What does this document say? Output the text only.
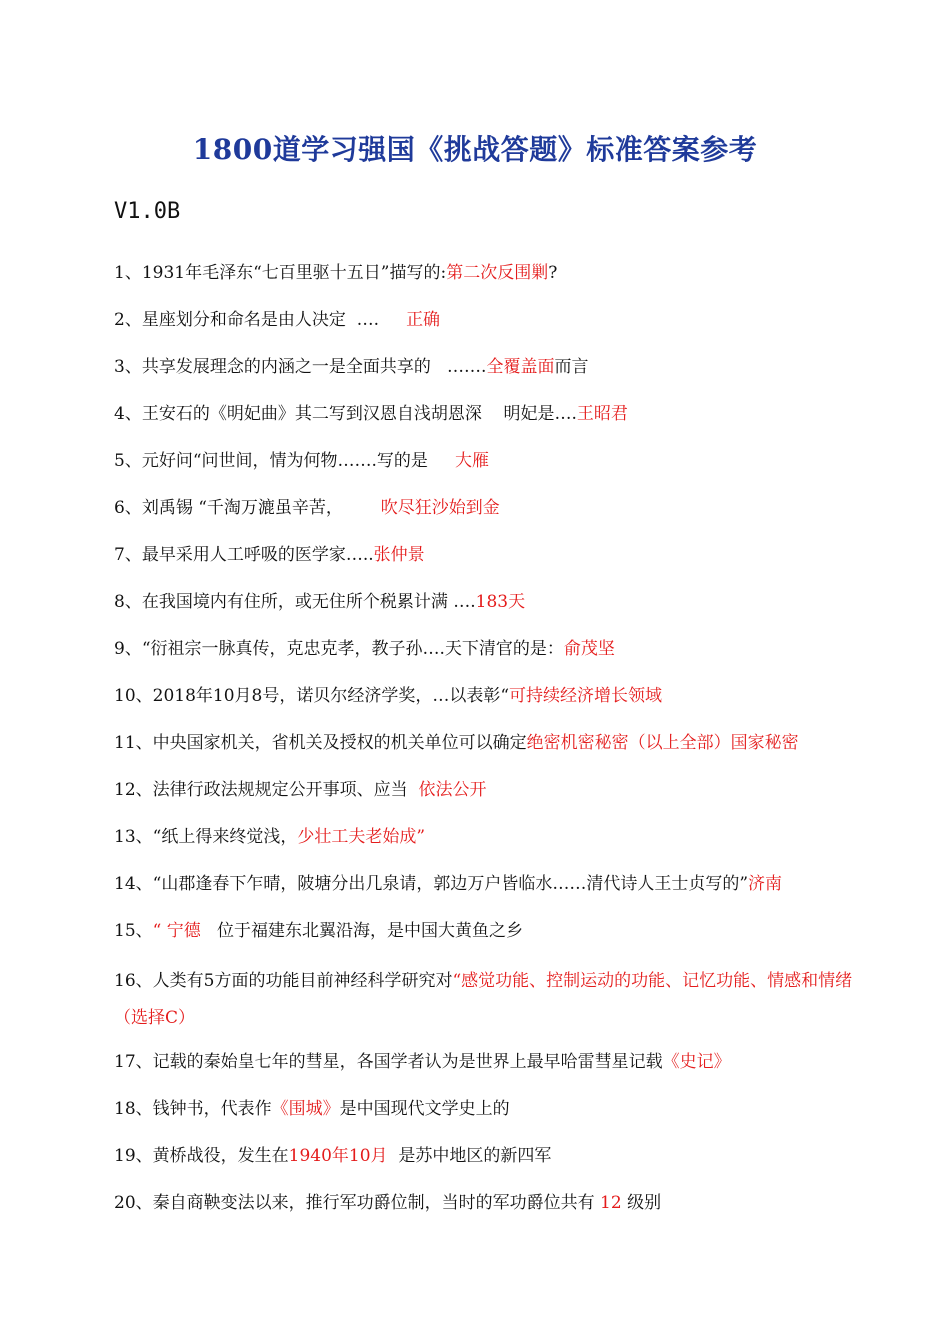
1800道学习强国《挑战答题》标准答案参考
V1.0B
1、1931年毛泽东“七百里驱十五日”描写的:第二次反围剿?
2、星座划分和命名是由人决定  ….     正确
3、共享发展理念的内涵之一是全面共享的   …….全覆盖面而言
4、王安石的《明妃曲》其二写到汉恩自浅胡恩深    明妃是….王昭君
5、元好问“问世间，情为何物…….写的是     大雁
6、刘禹锡 “千淘万漉虽辛苦，       吹尽狂沙始到金
7、最早采用人工呼吸的医学家…..张仲景
8、在我国境内有住所，或无住所个税累计满 ….183天
9、“衍祖宗一脉真传，克忠克孝，教子孙….天下清官的是：俞茂坚
10、2018年10月8号，诺贝尔经济学奖，…以表彰“可持续经济增长领域
11、中央国家机关，省机关及授权的机关单位可以确定绝密机密秘密（以上全部）国家秘密
12、法律行政法规规定公开事项、应当  依法公开
13、“纸上得来终觉浅，少壮工夫老始成”
14、“山郡逢春下乍晴，陂塘分出几泉请，郭边万户皆临水……清代诗人王士贞写的”济南
15、“ 宁德   位于福建东北翼沿海，是中国大黄鱼之乡
16、人类有5方面的功能目前神经科学研究对“感觉功能、控制运动的功能、记忆功能、情感和情绪（选择C）
17、记载的秦始皇七年的彗星，各国学者认为是世界上最早哈雷彗星记载《史记》
18、钱钟书，代表作《围城》是中国现代文学史上的
19、黄桥战役，发生在1940年10月  是苏中地区的新四军
20、秦自商鞅变法以来，推行军功爵位制，当时的军功爵位共有 12 级别
